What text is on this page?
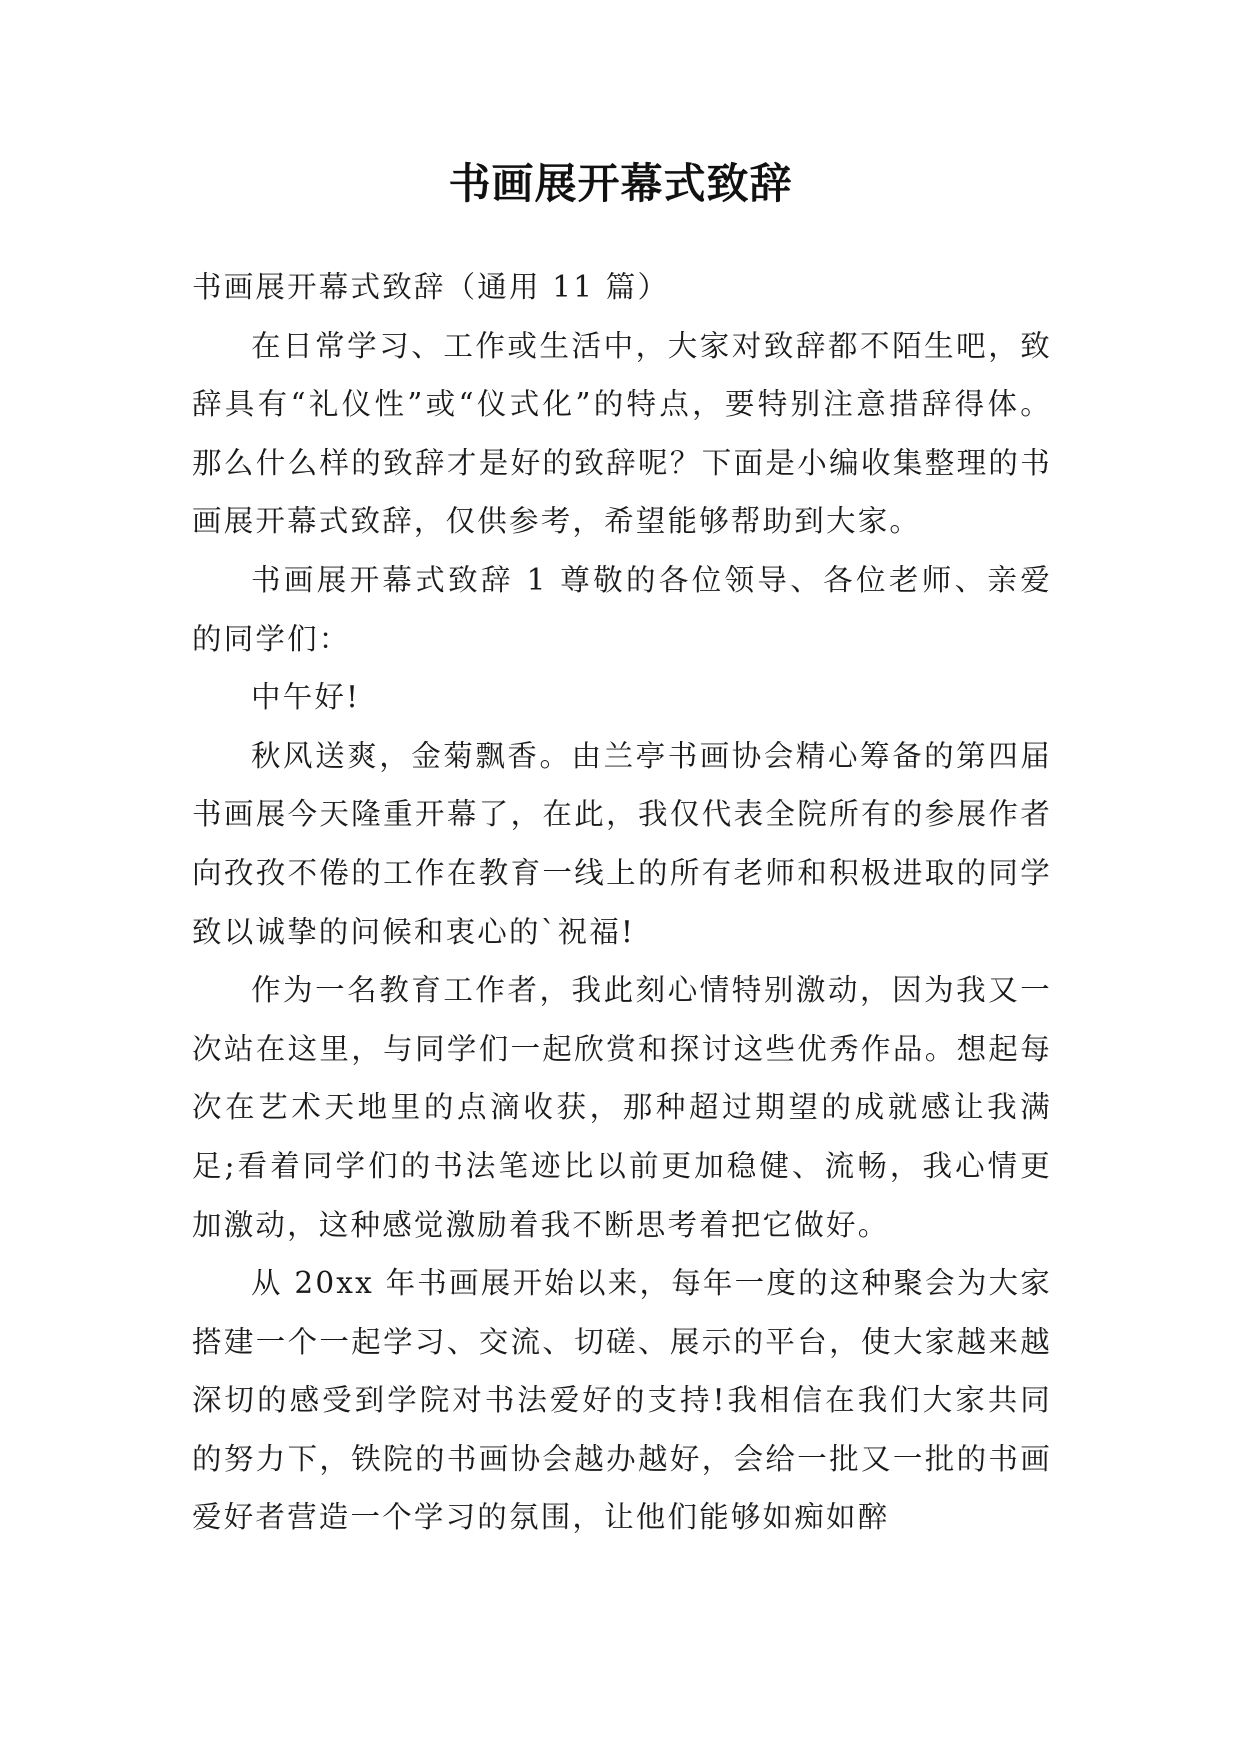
书画展开幕式致辞

书画展开幕式致辞（通用 11 篇）

在日常学习、工作或生活中，大家对致辞都不陌生吧，致辞具有“礼仪性”或“仪式化”的特点，要特别注意措辞得体。那么什么样的致辞才是好的致辞呢？下面是小编收集整理的书画展开幕式致辞，仅供参考，希望能够帮助到大家。

书画展开幕式致辞 1 尊敬的各位领导、各位老师、亲爱的同学们：

中午好!

秋风送爽，金菊飘香。由兰亭书画协会精心筹备的第四届书画展今天隆重开幕了，在此，我仅代表全院所有的参展作者向孜孜不倦的工作在教育一线上的所有老师和积极进取的同学致以诚挚的问候和衷心的`祝福!

作为一名教育工作者，我此刻心情特别激动，因为我又一次站在这里，与同学们一起欣赏和探讨这些优秀作品。想起每次在艺术天地里的点滴收获，那种超过期望的成就感让我满足;看着同学们的书法笔迹比以前更加稳健、流畅，我心情更加激动，这种感觉激励着我不断思考着把它做好。

从 20xx 年书画展开始以来，每年一度的这种聚会为大家搭建一个一起学习、交流、切磋、展示的平台，使大家越来越深切的感受到学院对书法爱好的支持!我相信在我们大家共同的努力下，铁院的书画协会越办越好，会给一批又一批的书画爱好者营造一个学习的氛围，让他们能够如痴如醉
